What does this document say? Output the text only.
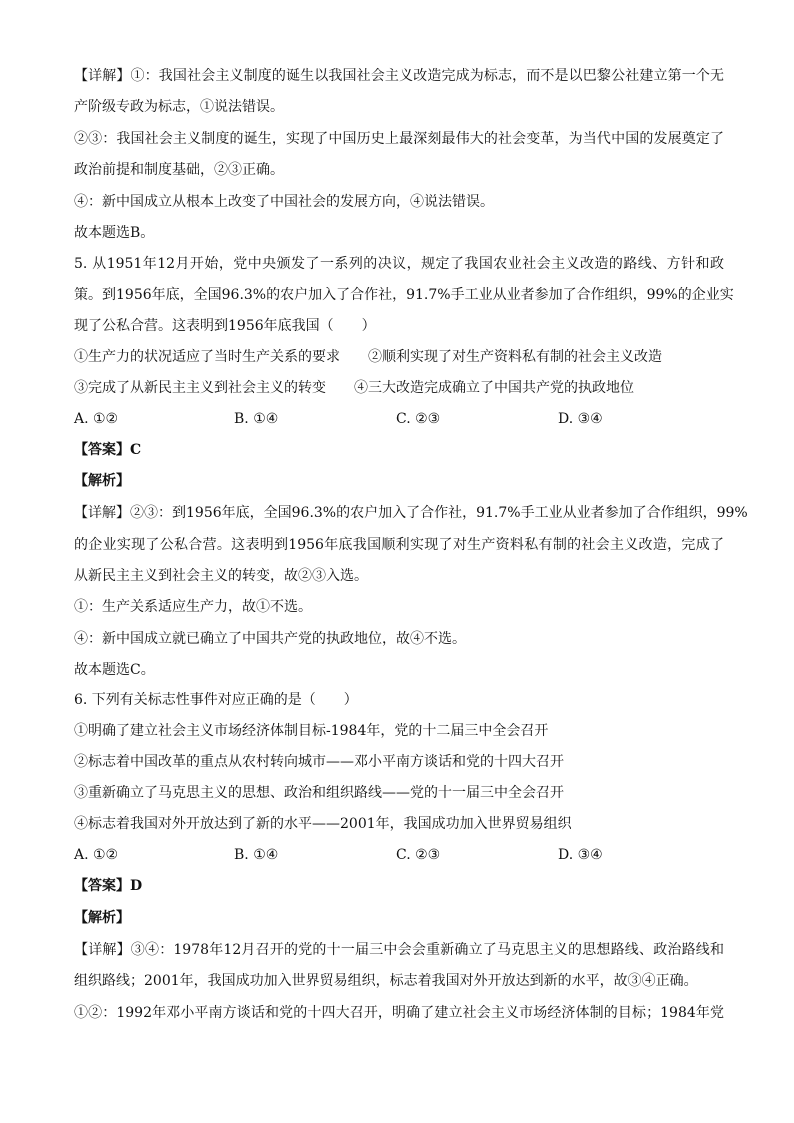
【详解】①：我国社会主义制度的诞生以我国社会主义改造完成为标志，而不是以巴黎公社建立第一个无
产阶级专政为标志，①说法错误。
②③：我国社会主义制度的诞生，实现了中国历史上最深刻最伟大的社会变革，为当代中国的发展奠定了
政治前提和制度基础，②③正确。
④：新中国成立从根本上改变了中国社会的发展方向，④说法错误。
故本题选B。
5. 从1951年12月开始，党中央颁发了一系列的决议，规定了我国农业社会主义改造的路线、方针和政
策。到1956年底，全国96.3%的农户加入了合作社，91.7%手工业从业者参加了合作组织，99%的企业实
现了公私合营。这表明到1956年底我国（　　）
①生产力的状况适应了当时生产关系的要求　　②顺利实现了对生产资料私有制的社会主义改造
③完成了从新民主主义到社会主义的转变　　④三大改造完成确立了中国共产党的执政地位
A. ①②	B. ①④	C. ②③	D. ③④
【答案】C
【解析】
【详解】②③：到1956年底，全国96.3%的农户加入了合作社，91.7%手工业从业者参加了合作组织，99%
的企业实现了公私合营。这表明到1956年底我国顺利实现了对生产资料私有制的社会主义改造，完成了
从新民主主义到社会主义的转变，故②③入选。
①：生产关系适应生产力，故①不选。
④：新中国成立就已确立了中国共产党的执政地位，故④不选。
故本题选C。
6. 下列有关标志性事件对应正确的是（　　）
①明确了建立社会主义市场经济体制目标-1984年，党的十二届三中全会召开
②标志着中国改革的重点从农村转向城市——邓小平南方谈话和党的十四大召开
③重新确立了马克思主义的思想、政治和组织路线——党的十一届三中全会召开
④标志着我国对外开放达到了新的水平——2001年，我国成功加入世界贸易组织
A. ①②	B. ①④	C. ②③	D. ③④
【答案】D
【解析】
【详解】③④：1978年12月召开的党的十一届三中会会重新确立了马克思主义的思想路线、政治路线和
组织路线；2001年，我国成功加入世界贸易组织，标志着我国对外开放达到新的水平，故③④正确。
①②：1992年邓小平南方谈话和党的十四大召开，明确了建立社会主义市场经济体制的目标；1984年党
